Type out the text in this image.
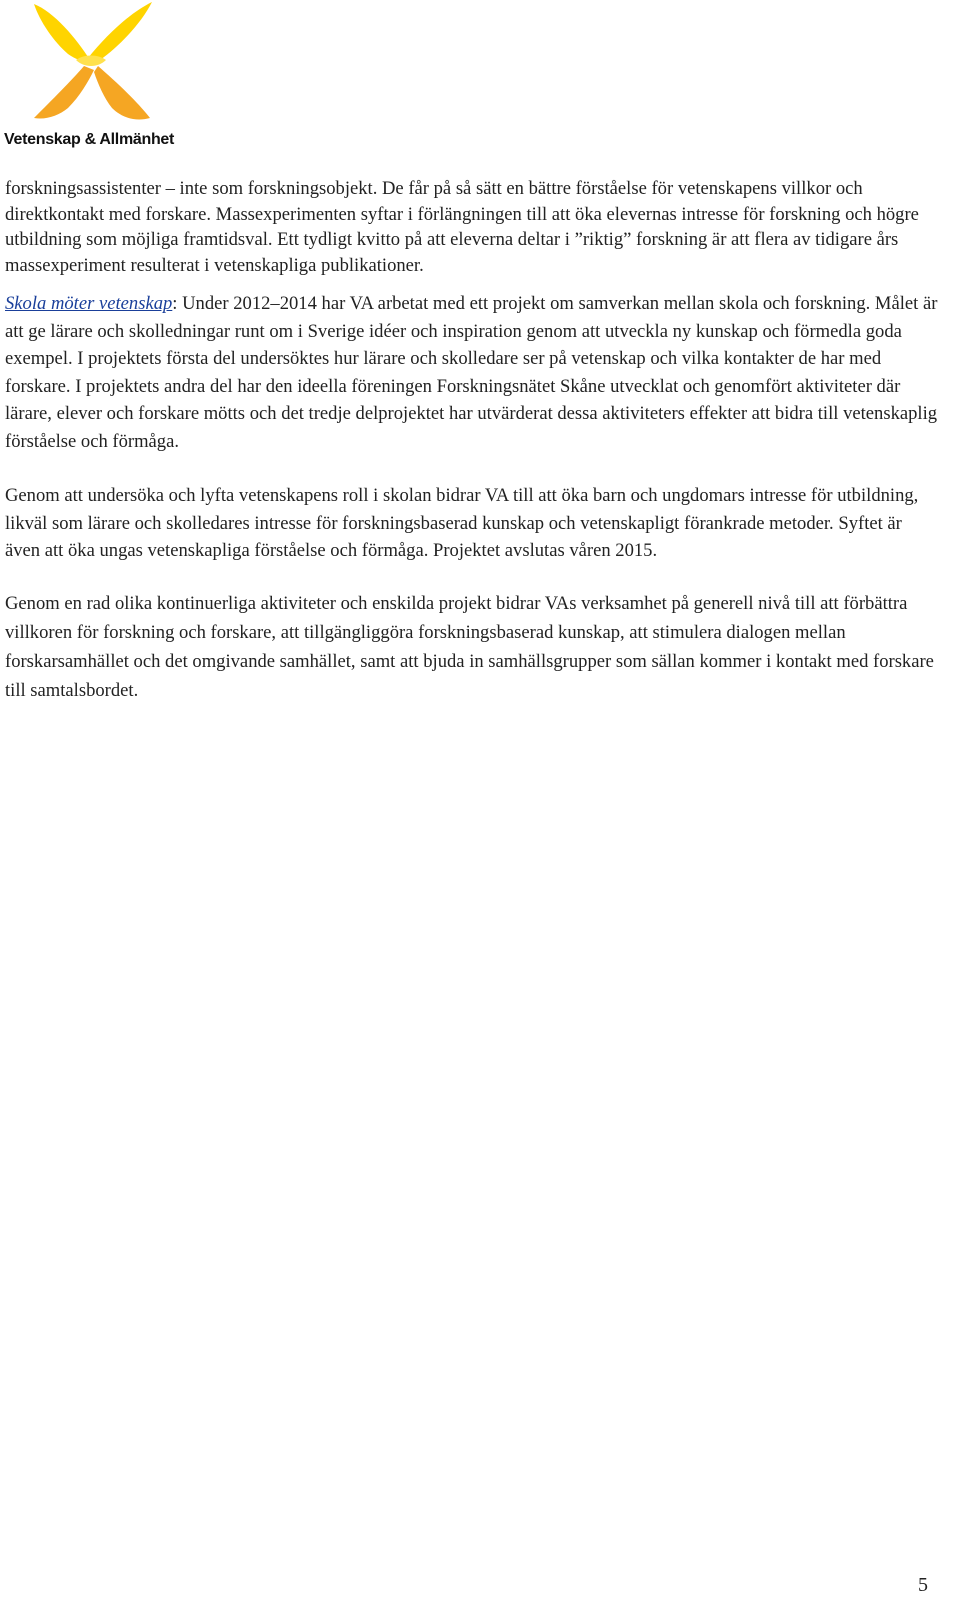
Vetenskap & Allmänhet

forskningsassistenter – inte som forskningsobjekt. De får på så sätt en bättre förståelse för vetenskapens villkor och direktkontakt med forskare. Massexperimenten syftar i förlängningen till att öka elevernas intresse för forskning och högre utbildning som möjliga framtidsval. Ett tydligt kvitto på att eleverna deltar i ”riktig” forskning är att flera av tidigare års massexperiment resulterat i vetenskapliga publikationer.

Skola möter vetenskap: Under 2012–2014 har VA arbetat med ett projekt om samverkan mellan skola och forskning. Målet är att ge lärare och skolledningar runt om i Sverige idéer och inspiration genom att utveckla ny kunskap och förmedla goda exempel. I projektets första del undersöktes hur lärare och skolledare ser på vetenskap och vilka kontakter de har med forskare. I projektets andra del har den ideella föreningen Forskningsnätet Skåne utvecklat och genomfört aktiviteter där lärare, elever och forskare mötts och det tredje delprojektet har utvärderat dessa aktiviteters effekter att bidra till vetenskaplig förståelse och förmåga.

Genom att undersöka och lyfta vetenskapens roll i skolan bidrar VA till att öka barn och ungdomars intresse för utbildning, likväl som lärare och skolledares intresse för forskningsbaserad kunskap och vetenskapligt förankrade metoder. Syftet är även att öka ungas vetenskapliga förståelse och förmåga. Projektet avslutas våren 2015.

Genom en rad olika kontinuerliga aktiviteter och enskilda projekt bidrar VAs verksamhet på generell nivå till att förbättra villkoren för forskning och forskare, att tillgängliggöra forskningsbaserad kunskap, att stimulera dialogen mellan forskarsamhället och det omgivande samhället, samt att bjuda in samhällsgrupper som sällan kommer i kontakt med forskare till samtalsbordet.

5
